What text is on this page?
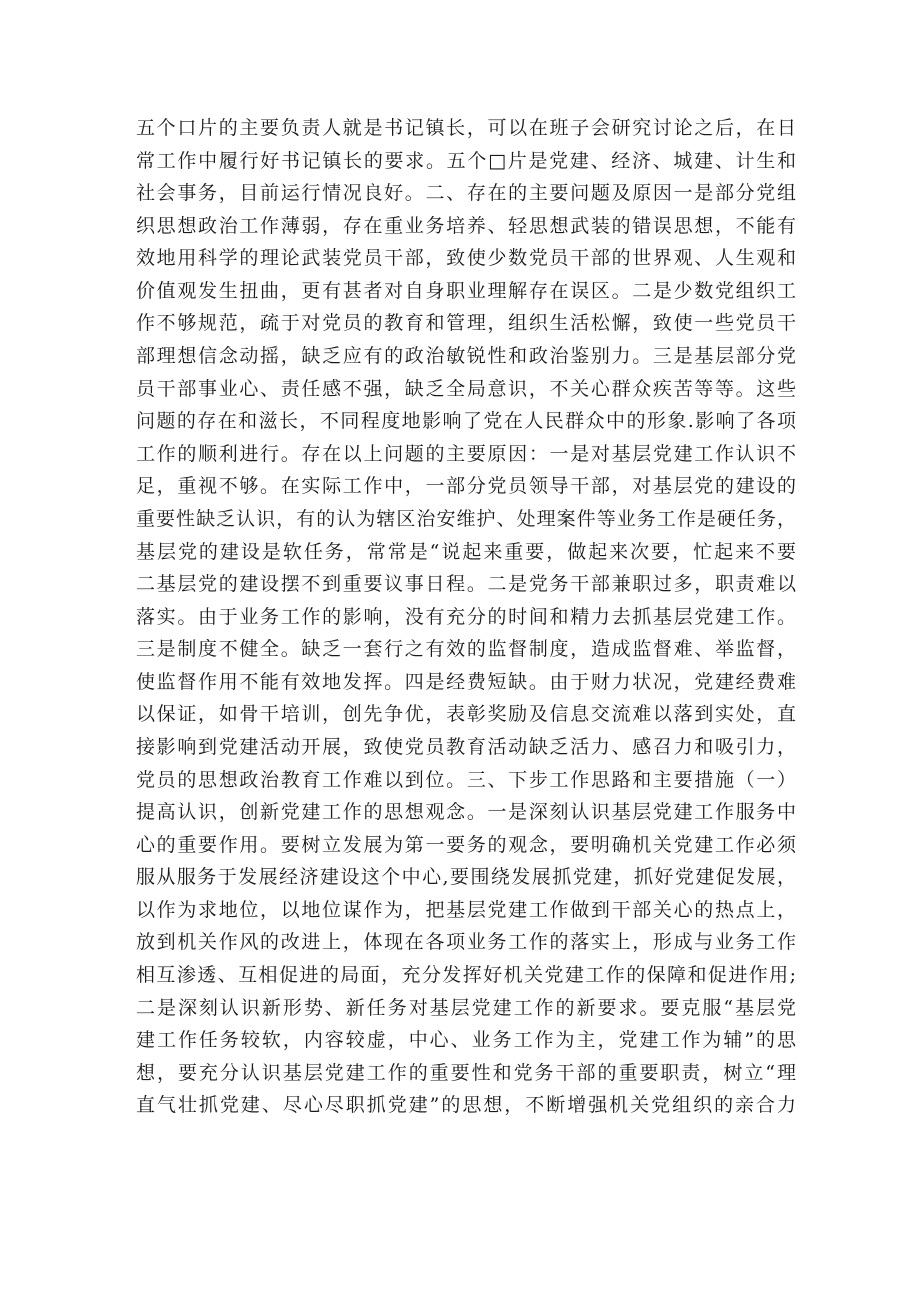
五个口片的主要负责人就是书记镇长，可以在班子会研究讨论之后，在日
常工作中履行好书记镇长的要求。五个□片是党建、经济、城建、计生和
社会事务，目前运行情况良好。二、存在的主要问题及原因一是部分党组
织思想政治工作薄弱，存在重业务培养、轻思想武装的错误思想，不能有
效地用科学的理论武装党员干部，致使少数党员干部的世界观、人生观和
价值观发生扭曲，更有甚者对自身职业理解存在误区。二是少数党组织工
作不够规范，疏于对党员的教育和管理，组织生活松懈，致使一些党员干
部理想信念动摇，缺乏应有的政治敏锐性和政治鉴别力。三是基层部分党
员干部事业心、责任感不强，缺乏全局意识，不关心群众疾苦等等。这些
问题的存在和滋长，不同程度地影响了党在人民群众中的形象.影响了各项
工作的顺利进行。存在以上问题的主要原因：一是对基层党建工作认识不
足，重视不够。在实际工作中，一部分党员领导干部，对基层党的建设的
重要性缺乏认识，有的认为辖区治安维护、处理案件等业务工作是硬任务，
基层党的建设是软任务，常常是“说起来重要，做起来次要，忙起来不要
二基层党的建设摆不到重要议事日程。二是党务干部兼职过多，职责难以
落实。由于业务工作的影响，没有充分的时间和精力去抓基层党建工作。
三是制度不健全。缺乏一套行之有效的监督制度，造成监督难、举监督，
使监督作用不能有效地发挥。四是经费短缺。由于财力状况，党建经费难
以保证，如骨干培训，创先争优，表彰奖励及信息交流难以落到实处，直
接影响到党建活动开展，致使党员教育活动缺乏活力、感召力和吸引力，
党员的思想政治教育工作难以到位。三、下步工作思路和主要措施（一）
提高认识，创新党建工作的思想观念。一是深刻认识基层党建工作服务中
心的重要作用。要树立发展为第一要务的观念，要明确机关党建工作必须
服从服务于发展经济建设这个中心,要围绕发展抓党建，抓好党建促发展，
以作为求地位，以地位谋作为，把基层党建工作做到干部关心的热点上，
放到机关作风的改进上，体现在各项业务工作的落实上，形成与业务工作
相互渗透、互相促进的局面，充分发挥好机关党建工作的保障和促进作用;
二是深刻认识新形势、新任务对基层党建工作的新要求。要克服“基层党
建工作任务较软，内容较虚，中心、业务工作为主，党建工作为辅”的思
想，要充分认识基层党建工作的重要性和党务干部的重要职责，树立“理
直气壮抓党建、尽心尽职抓党建”的思想，不断增强机关党组织的亲合力
